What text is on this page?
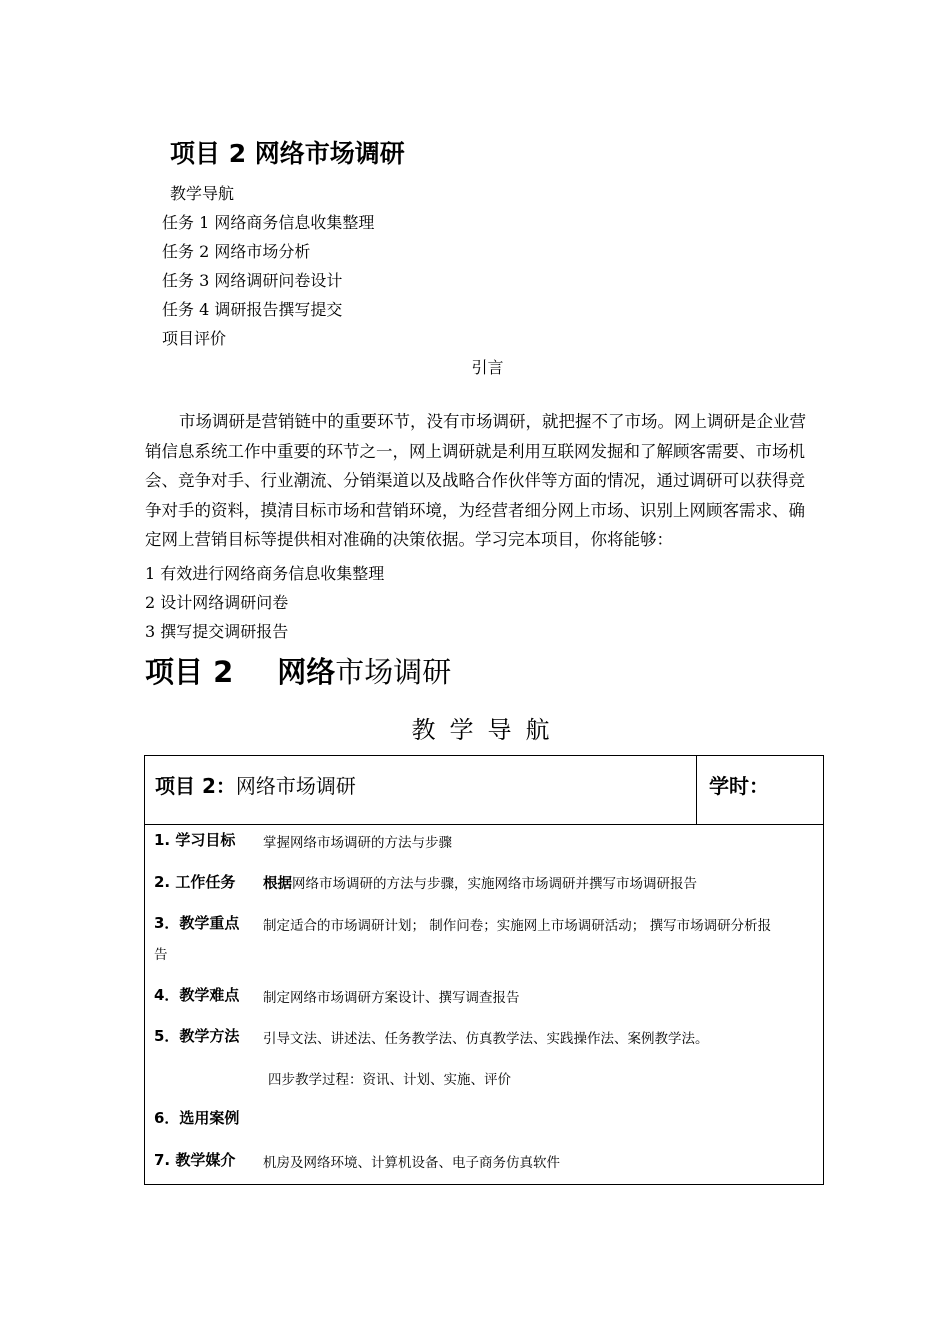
项目 2 网络市场调研
教学导航
任务 1 网络商务信息收集整理
任务 2 网络市场分析
任务 3 网络调研问卷设计
任务 4 调研报告撰写提交
项目评价
引言

市场调研是营销链中的重要环节，没有市场调研，就把握不了市场。网上调研是企业营销信息系统工作中重要的环节之一，网上调研就是利用互联网发掘和了解顾客需要、市场机会、竞争对手、行业潮流、分销渠道以及战略合作伙伴等方面的情况，通过调研可以获得竞争对手的资料，摸清目标市场和营销环境，为经营者细分网上市场、识别上网顾客需求、确定网上营销目标等提供相对准确的决策依据。学习完本项目，你将能够：

1 有效进行网络商务信息收集整理
2 设计网络调研问卷
3 撰写提交调研报告
项目 2 网络市场调研
教学导航
项目 2：网络市场调研	学时：
1. 学习目标 掌握网络市场调研的方法与步骤
2. 工作任务 根据网络市场调研的方法与步骤，实施网络市场调研并撰写市场调研报告
3．教学重点 制定适合的市场调研计划； 制作问卷；实施网上市场调研活动； 撰写市场调研分析报
告
4．教学难点 制定网络市场调研方案设计、撰写调查报告
5．教学方法 引导文法、讲述法、任务教学法、仿真教学法、实践操作法、案例教学法。
四步教学过程：资讯、计划、实施、评价
6．选用案例
7. 教学媒介 机房及网络环境、计算机设备、电子商务仿真软件
